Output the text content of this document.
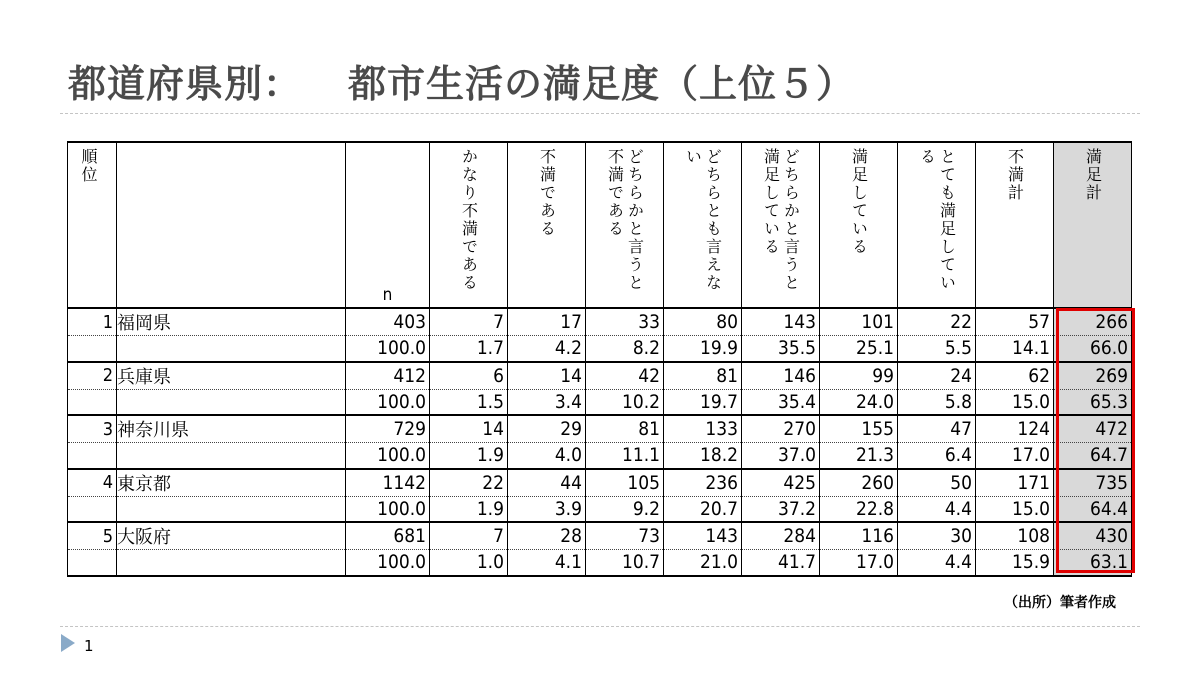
都道府県別： 都市生活の満足度（上位５）
順位		n	かなり不満である	不満である	どちらかと言うと不満である	どちらとも言えない	どちらかと言うと満足している	満足している	とても満足している	不満計	満足計

1	福岡県	403	7	17	33	80	143	101	22	57	266
		100.0	1.7	4.2	8.2	19.9	35.5	25.1	5.5	14.1	66.0
2	兵庫県	412	6	14	42	81	146	99	24	62	269
		100.0	1.5	3.4	10.2	19.7	35.4	24.0	5.8	15.0	65.3
3	神奈川県	729	14	29	81	133	270	155	47	124	472
		100.0	1.9	4.0	11.1	18.2	37.0	21.3	6.4	17.0	64.7
4	東京都	1142	22	44	105	236	425	260	50	171	735
		100.0	1.9	3.9	9.2	20.7	37.2	22.8	4.4	15.0	64.4
5	大阪府	681	7	28	73	143	284	116	30	108	430
		100.0	1.0	4.1	10.7	21.0	41.7	17.0	4.4	15.9	63.1
（出所）筆者作成
1
